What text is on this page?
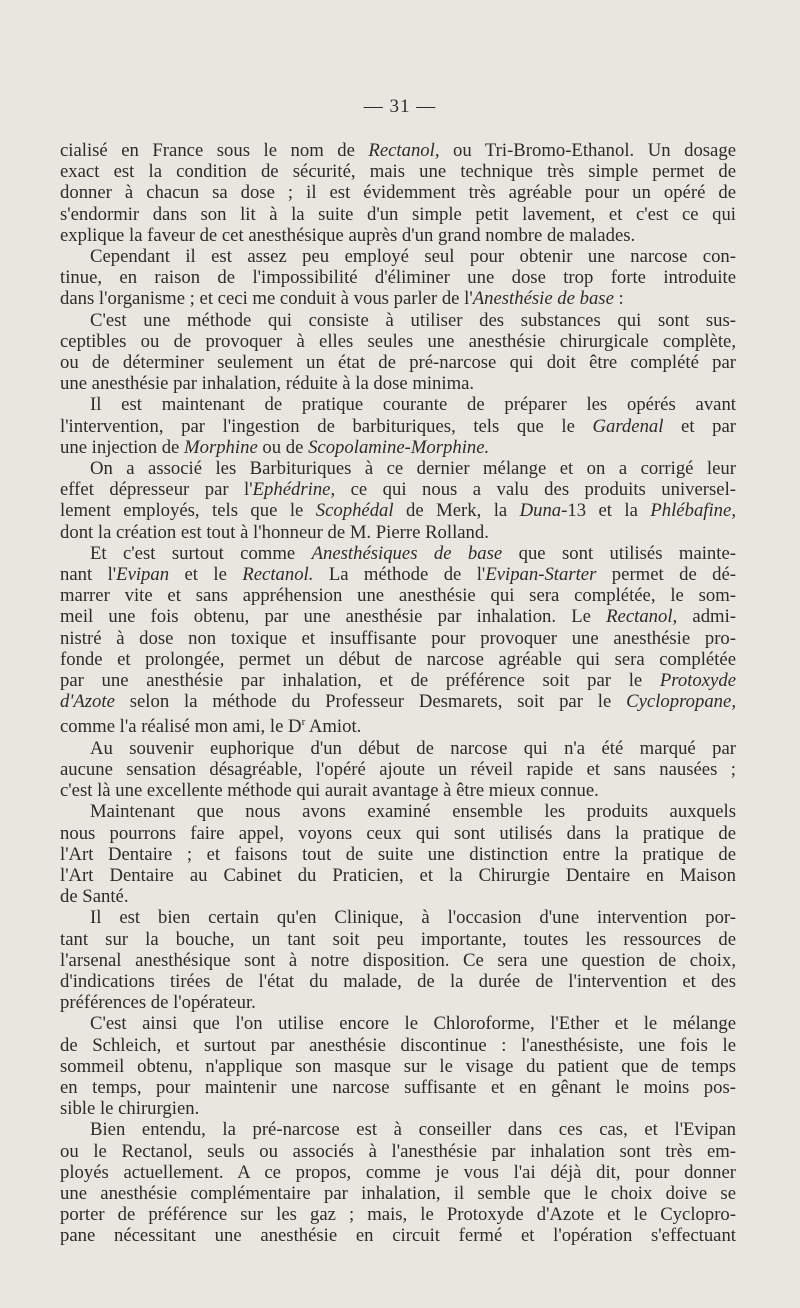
— 31 —
cialisé en France sous le nom de Rectanol, ou Tri-Bromo-Ethanol. Un dosage
exact est la condition de sécurité, mais une technique très simple permet de
donner à chacun sa dose ; il est évidemment très agréable pour un opéré de
s'endormir dans son lit à la suite d'un simple petit lavement, et c'est ce qui
explique la faveur de cet anesthésique auprès d'un grand nombre de malades.
Cependant il est assez peu employé seul pour obtenir une narcose con-
tinue, en raison de l'impossibilité d'éliminer une dose trop forte introduite
dans l'organisme ; et ceci me conduit à vous parler de l'Anesthésie de base :
C'est une méthode qui consiste à utiliser des substances qui sont sus-
ceptibles ou de provoquer à elles seules une anesthésie chirurgicale complète,
ou de déterminer seulement un état de pré-narcose qui doit être complété par
une anesthésie par inhalation, réduite à la dose minima.
Il est maintenant de pratique courante de préparer les opérés avant
l'intervention, par l'ingestion de barbituriques, tels que le Gardenal et par
une injection de Morphine ou de Scopolamine-Morphine.
On a associé les Barbituriques à ce dernier mélange et on a corrigé leur
effet dépresseur par l'Ephédrine, ce qui nous a valu des produits universel-
lement employés, tels que le Scophédal de Merk, la Duna-13 et la Phlébafine,
dont la création est tout à l'honneur de M. Pierre Rolland.
Et c'est surtout comme Anesthésiques de base que sont utilisés mainte-
nant l'Evipan et le Rectanol. La méthode de l'Evipan-Starter permet de dé-
marrer vite et sans appréhension une anesthésie qui sera complétée, le som-
meil une fois obtenu, par une anesthésie par inhalation. Le Rectanol, admi-
nistré à dose non toxique et insuffisante pour provoquer une anesthésie pro-
fonde et prolongée, permet un début de narcose agréable qui sera complétée
par une anesthésie par inhalation, et de préférence soit par le Protoxyde
d'Azote selon la méthode du Professeur Desmarets, soit par le Cyclopropane,
comme l'a réalisé mon ami, le $D^r$ Amiot.
Au souvenir euphorique d'un début de narcose qui n'a été marqué par
aucune sensation désagréable, l'opéré ajoute un réveil rapide et sans nausées ;
c'est là une excellente méthode qui aurait avantage à être mieux connue.
Maintenant que nous avons examiné ensemble les produits auxquels
nous pourrons faire appel, voyons ceux qui sont utilisés dans la pratique de
l'Art Dentaire ; et faisons tout de suite une distinction entre la pratique de
l'Art Dentaire au Cabinet du Praticien, et la Chirurgie Dentaire en Maison
de Santé.
Il est bien certain qu'en Clinique, à l'occasion d'une intervention por-
tant sur la bouche, un tant soit peu importante, toutes les ressources de
l'arsenal anesthésique sont à notre disposition. Ce sera une question de choix,
d'indications tirées de l'état du malade, de la durée de l'intervention et des
préférences de l'opérateur.
C'est ainsi que l'on utilise encore le Chloroforme, l'Ether et le mélange
de Schleich, et surtout par anesthésie discontinue : l'anesthésiste, une fois le
sommeil obtenu, n'applique son masque sur le visage du patient que de temps
en temps, pour maintenir une narcose suffisante et en gênant le moins pos-
sible le chirurgien.
Bien entendu, la pré-narcose est à conseiller dans ces cas, et l'Evipan
ou le Rectanol, seuls ou associés à l'anesthésie par inhalation sont très em-
ployés actuellement. A ce propos, comme je vous l'ai déjà dit, pour donner
une anesthésie complémentaire par inhalation, il semble que le choix doive se
porter de préférence sur les gaz ; mais, le Protoxyde d'Azote et le Cyclopro-
pane nécessitant une anesthésie en circuit fermé et l'opération s'effectuant
